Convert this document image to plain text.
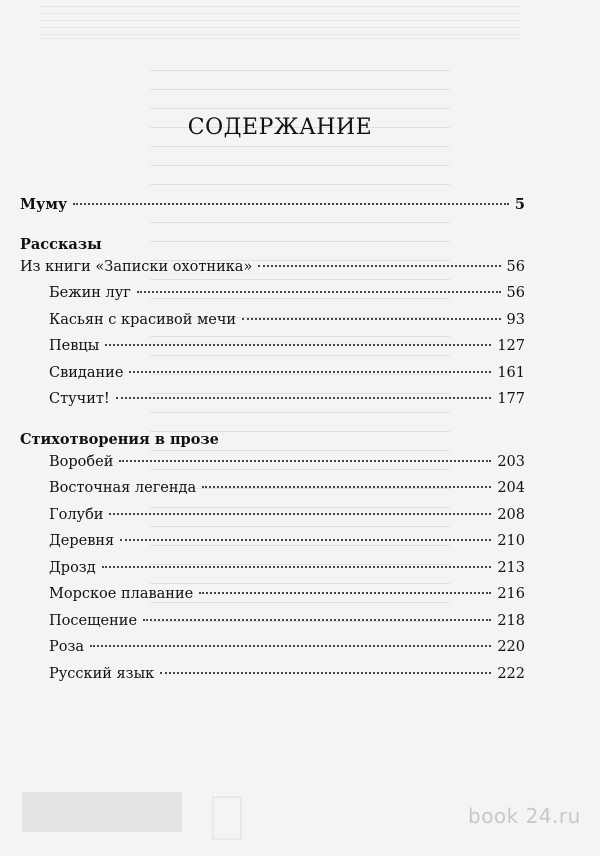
СОДЕРЖАНИЕ
Муму	5
Рассказы
Из книги «Записки охотника»	56
Бежин луг	56
Касьян с красивой мечи	93
Певцы	127
Свидание	161
Стучит!	177
Стихотворения в прозе
Воробей	203
Восточная легенда	204
Голуби	208
Деревня	210
Дрозд	213
Морское плавание	216
Посещение	218
Роза	220
Русский язык	222
book 24.ru
